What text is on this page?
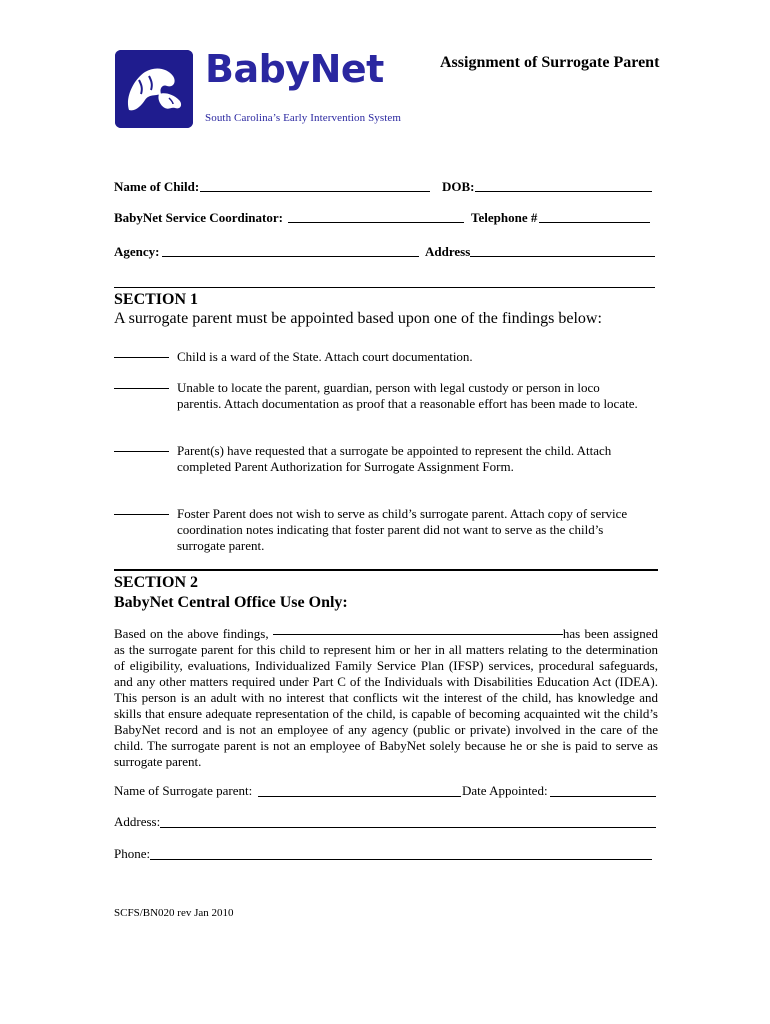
BabyNet
South Carolina’s Early Intervention System
Assignment of Surrogate Parent
Name of Child:	DOB:
BabyNet Service Coordinator:	Telephone #
Agency:	Address
SECTION 1
A surrogate parent must be appointed based upon one of the findings below:
Child is a ward of the State. Attach court documentation.
Unable to locate the parent, guardian, person with legal custody or person in loco parentis. Attach documentation as proof that a reasonable effort has been made to locate.
Parent(s) have requested that a surrogate be appointed to represent the child. Attach completed Parent Authorization for Surrogate Assignment Form.
Foster Parent does not wish to serve as child’s surrogate parent. Attach copy of service coordination notes indicating that foster parent did not want to serve as the child’s surrogate parent.
SECTION 2
BabyNet Central Office Use Only:
Based on the above findings,	has been assigned as the surrogate parent for this child to represent him or her in all matters relating to the determination of eligibility, evaluations, Individualized Family Service Plan (IFSP) services, procedural safeguards, and any other matters required under Part C of the Individuals with Disabilities Education Act (IDEA). This person is an adult with no interest that conflicts wit the interest of the child, has knowledge and skills that ensure adequate representation of the child, is capable of becoming acquainted wit the child’s BabyNet record and is not an employee of any agency (public or private) involved in the care of the child. The surrogate parent is not an employee of BabyNet solely because he or she is paid to serve as surrogate parent.
Name of Surrogate parent:	Date Appointed:
Address:
Phone:
SCFS/BN020 rev Jan 2010
